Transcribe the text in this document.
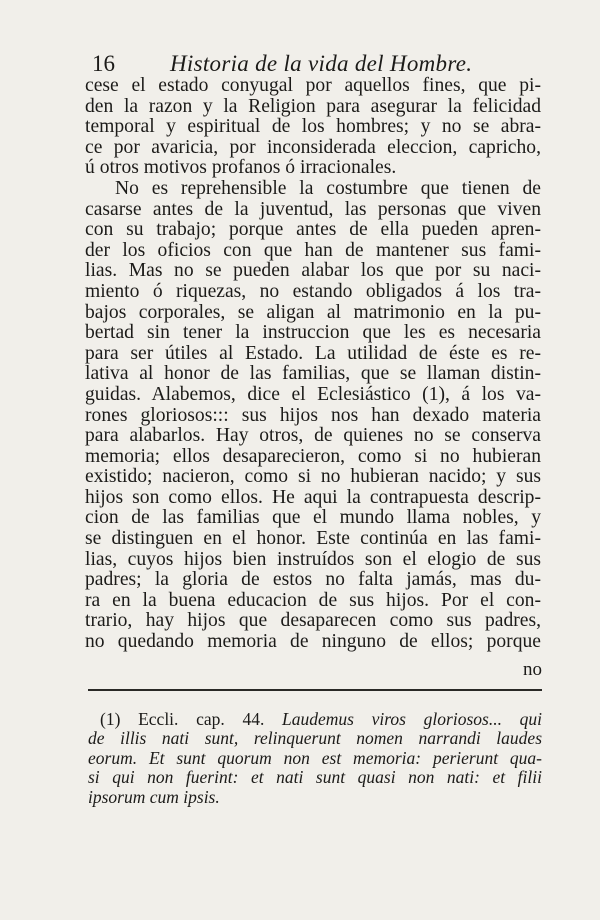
16 Historia de la vida del Hombre.
cese el estado conyugal por aquellos fines, que pi-
den la razon y la Religion para asegurar la felicidad
temporal y espiritual de los hombres; y no se abra-
ce por avaricia, por inconsiderada eleccion, capricho,
ú otros motivos profanos ó irracionales.
No es reprehensible la costumbre que tienen de
casarse antes de la juventud, las personas que viven
con su trabajo; porque antes de ella pueden apren-
der los oficios con que han de mantener sus fami-
lias. Mas no se pueden alabar los que por su naci-
miento ó riquezas, no estando obligados á los tra-
bajos corporales, se aligan al matrimonio en la pu-
bertad sin tener la instruccion que les es necesaria
para ser útiles al Estado. La utilidad de éste es re-
lativa al honor de las familias, que se llaman distin-
guidas. Alabemos, dice el Eclesiástico (1), á los va-
rones gloriosos::: sus hijos nos han dexado materia
para alabarlos. Hay otros, de quienes no se conserva
memoria; ellos desaparecieron, como si no hubieran
existido; nacieron, como si no hubieran nacido; y sus
hijos son como ellos. He aqui la contrapuesta descrip-
cion de las familias que el mundo llama nobles, y
se distinguen en el honor. Este continúa en las fami-
lias, cuyos hijos bien instruídos son el elogio de sus
padres; la gloria de estos no falta jamás, mas du-
ra en la buena educacion de sus hijos. Por el con-
trario, hay hijos que desaparecen como sus padres,
no quedando memoria de ninguno de ellos; porque
no
(1) Eccli. cap. 44. Laudemus viros gloriosos... qui
de illis nati sunt, relinquerunt nomen narrandi laudes
eorum. Et sunt quorum non est memoria: perierunt qua-
si qui non fuerint: et nati sunt quasi non nati: et filii
ipsorum cum ipsis.
